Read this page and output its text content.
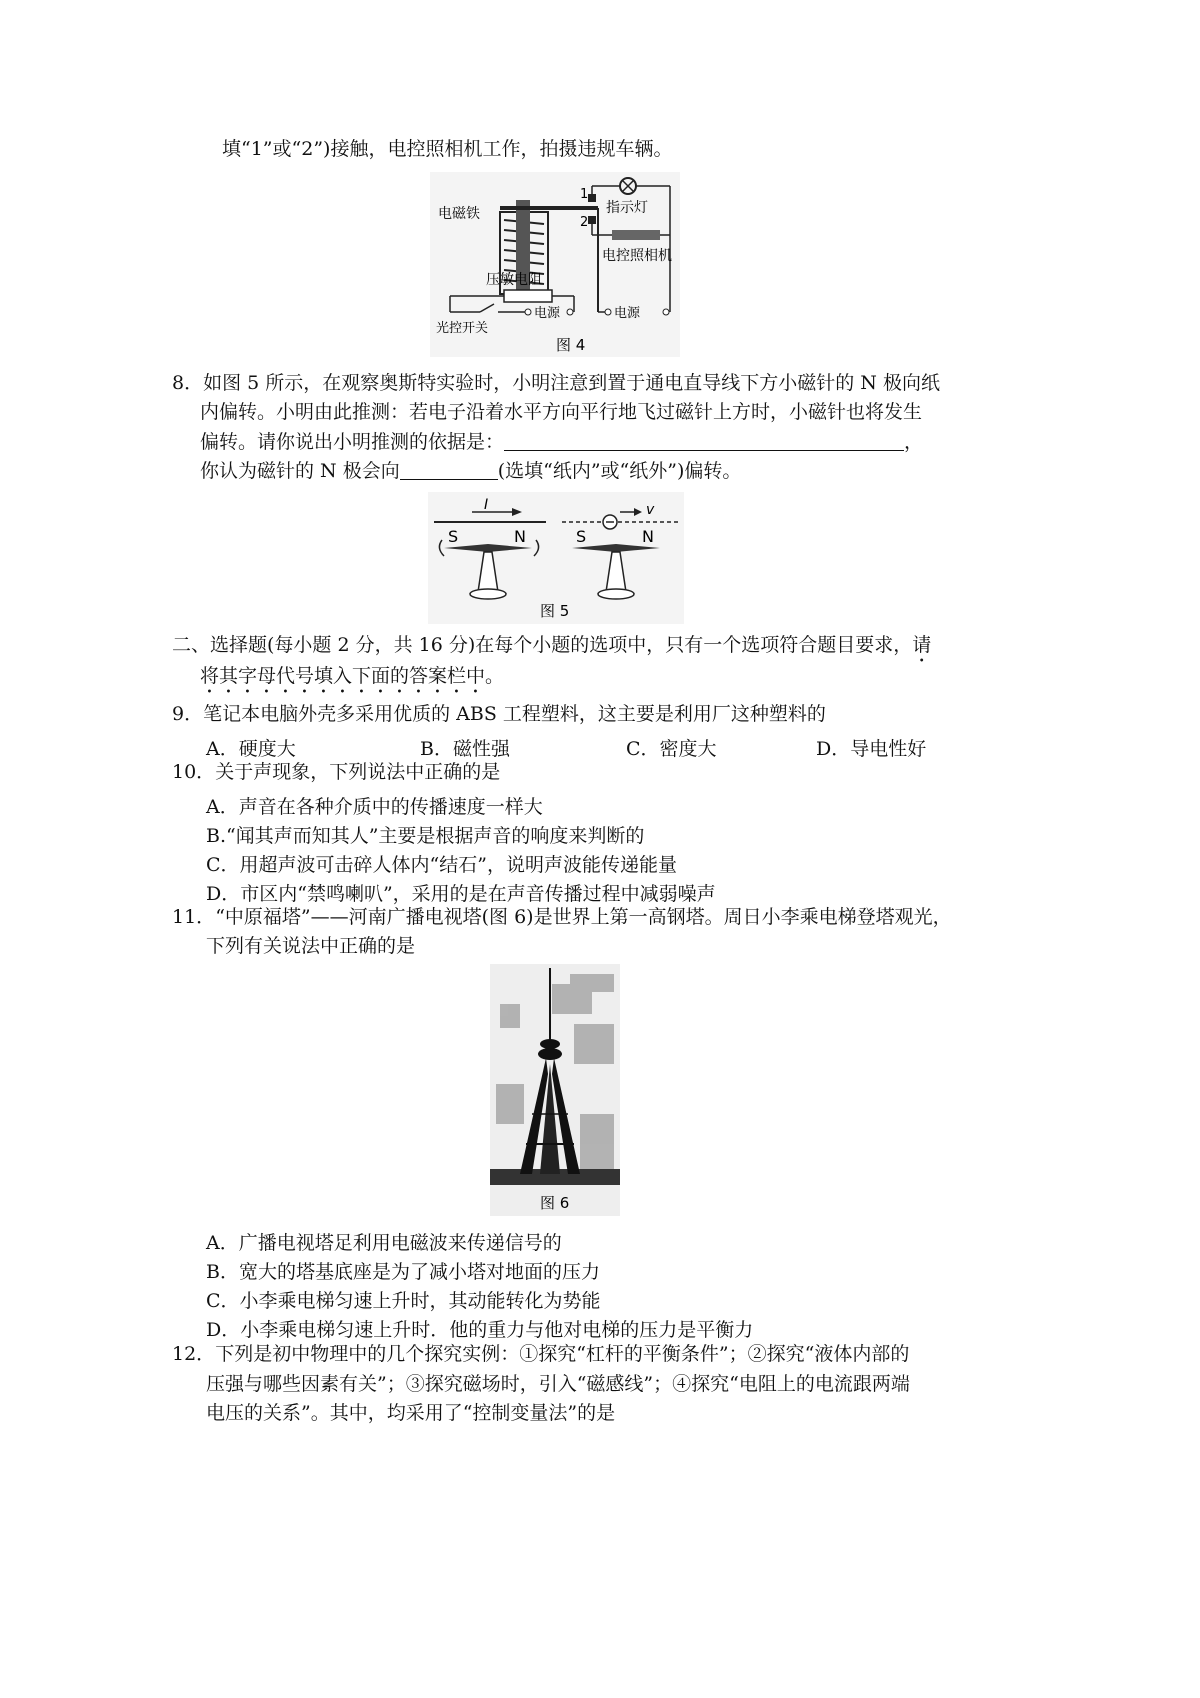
填“1”或“2”)接触，电控照相机工作，拍摄违规车辆。
电磁铁
1
2
指示灯
电控照相机
压敏电阻
光控开关
电源	电源
图 4
8．如图 5 所示，在观察奥斯特实验时，小明注意到置于通电直导线下方小磁针的 N 极向纸
内偏转。小明由此推测：若电子沿着水平方向平行地飞过磁针上方时，小磁针也将发生
偏转。请你说出小明推测的依据是：	，
你认为磁针的 N 极会向	(选填“纸内”或“纸外”)偏转。
I
S	N
v
S	N
图 5
二、选择题(每小题 2 分，共 16 分)在每个小题的选项中，只有一个选项符合题目要求，请
将其字母代号填入下面的答案栏中。
9．笔记本电脑外壳多采用优质的 ABS 工程塑料，这主要是利用厂这种塑料的
A．硬度大	B．磁性强	C．密度大	D．导电性好
10．关于声现象，下列说法中正确的是
A．声音在各种介质中的传播速度一样大
B.“闻其声而知其人”主要是根据声音的响度来判断的
C．用超声波可击碎人体内“结石”，说明声波能传递能量
D．市区内“禁鸣喇叭”，采用的是在声音传播过程中减弱噪声
11．“中原福塔”——河南广播电视塔(图 6)是世界上第一高钢塔。周日小李乘电梯登塔观光，
下列有关说法中正确的是
图 6
A．广播电视塔足利用电磁波来传递信号的
B．宽大的塔基底座是为了减小塔对地面的压力
C．小李乘电梯匀速上升时，其动能转化为势能
D．小李乘电梯匀速上升时．他的重力与他对电梯的压力是平衡力
12．下列是初中物理中的几个探究实例：①探究“杠杆的平衡条件”；②探究“液体内部的
压强与哪些因素有关”；③探究磁场时，引入“磁感线”；④探究“电阻上的电流跟两端
电压的关系”。其中，均采用了“控制变量法”的是
